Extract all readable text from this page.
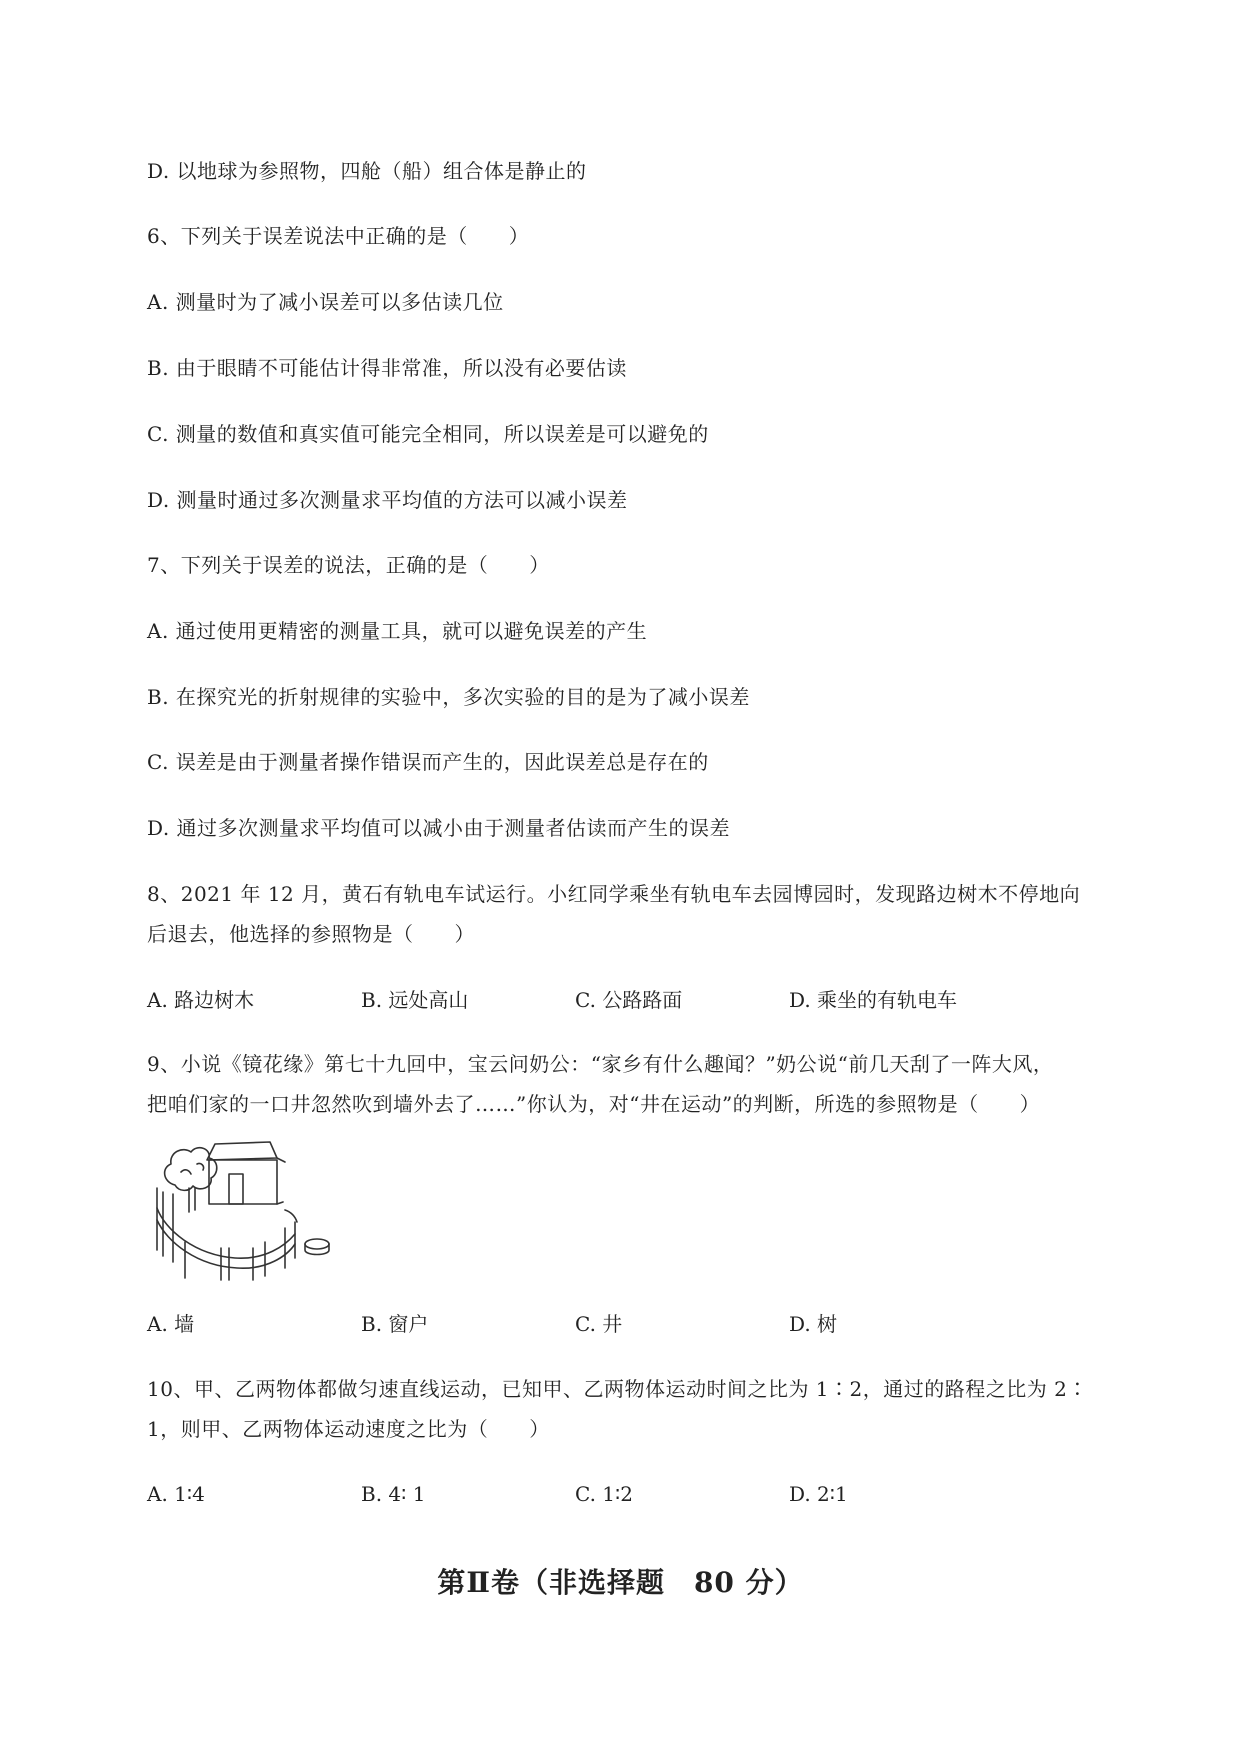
D. 以地球为参照物，四舱（船）组合体是静止的
6、下列关于误差说法中正确的是（　　）
A. 测量时为了减小误差可以多估读几位
B. 由于眼睛不可能估计得非常准，所以没有必要估读
C. 测量的数值和真实值可能完全相同，所以误差是可以避免的
D. 测量时通过多次测量求平均值的方法可以减小误差
7、下列关于误差的说法，正确的是（　　）
A. 通过使用更精密的测量工具，就可以避免误差的产生
B. 在探究光的折射规律的实验中，多次实验的目的是为了减小误差
C. 误差是由于测量者操作错误而产生的，因此误差总是存在的
D. 通过多次测量求平均值可以减小由于测量者估读而产生的误差
8、2021 年 12 月，黄石有轨电车试运行。小红同学乘坐有轨电车去园博园时，发现路边树木不停地向
后退去，他选择的参照物是（　　）
A. 路边树木	B. 远处高山	C. 公路路面	D. 乘坐的有轨电车
9、小说《镜花缘》第七十九回中，宝云问奶公：“家乡有什么趣闻？”奶公说“前几天刮了一阵大风，
把咱们家的一口井忽然吹到墙外去了……”你认为，对“井在运动”的判断，所选的参照物是（　　）
A. 墙	B. 窗户	C. 井	D. 树
10、甲、乙两物体都做匀速直线运动，已知甲、乙两物体运动时间之比为 1∶2，通过的路程之比为 2∶
1，则甲、乙两物体运动速度之比为（　　）
A. 1∶4	B. 4∶ 1	C. 1∶2	D. 2∶1
第Ⅱ卷（非选择题　80 分）
